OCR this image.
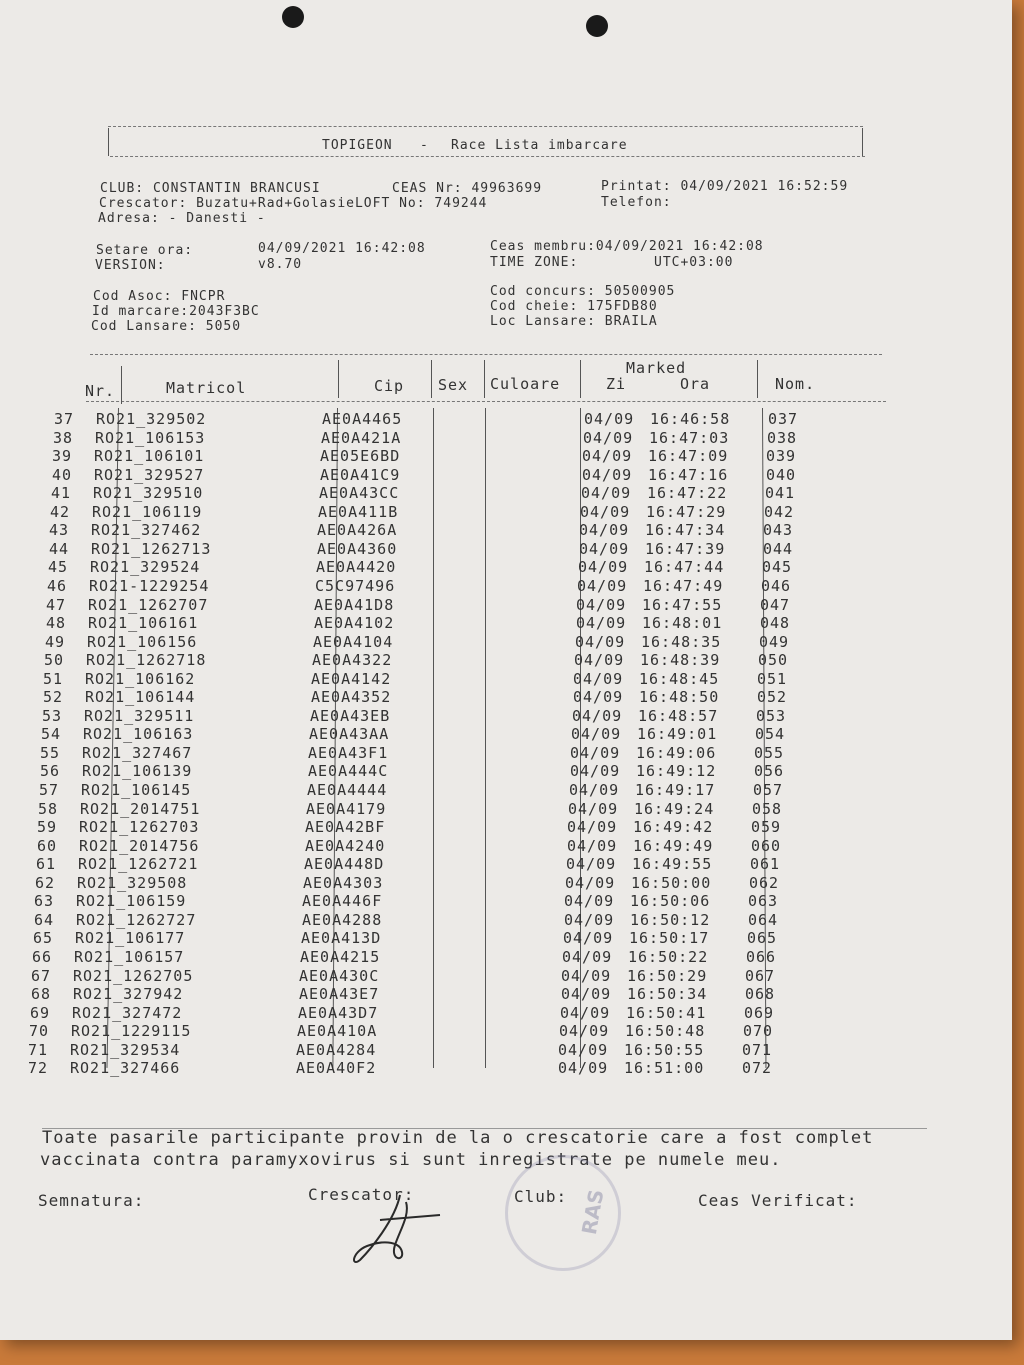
TOPIGEON - Race Lista imbarcare
CLUB: CONSTANTIN BRANCUSI	CEAS Nr: 49963699	Printat: 04/09/2021 16:52:59
Crescator: Buzatu+Rad+GolasieLOFT No: 749244	Telefon:
Adresa: - Danesti -
Setare ora:	04/09/2021 16:42:08	Ceas membru:04/09/2021 16:42:08
VERSION:	v8.70	TIME ZONE:	UTC+03:00
Cod Asoc: FNCPR	Cod concurs: 50500905
Id marcare:2043F3BC	Cod cheie: 175FDB80
Cod Lansare: 5050	Loc Lansare: BRAILA
Nr.	Matricol	Cip Sex Culoare
Marked
Zi	Ora	Nom.
37 RO21_329502	AE0A4465	04/09 16:46:58	037
38 RO21_106153	AE0A421A	04/09 16:47:03	038
39 RO21_106101	AE05E6BD	04/09 16:47:09	039
40 RO21_329527	AE0A41C9	04/09 16:47:16	040
41 RO21_329510	AE0A43CC	04/09 16:47:22	041
42 RO21_106119	AE0A411B	04/09 16:47:29	042
43 RO21_327462	AE0A426A	04/09 16:47:34	043
44 RO21_1262713	AE0A4360	04/09 16:47:39	044
45 RO21_329524	AE0A4420	04/09 16:47:44	045
46 RO21-1229254	C5C97496	04/09 16:47:49	046
47 RO21_1262707	AE0A41D8	04/09 16:47:55	047
48 RO21_106161	AE0A4102	04/09 16:48:01	048
49 RO21_106156	AE0A4104	04/09 16:48:35	049
50 RO21_1262718	AE0A4322	04/09 16:48:39	050
51 RO21_106162	AE0A4142	04/09 16:48:45	051
52 RO21_106144	AE0A4352	04/09 16:48:50	052
53 RO21_329511	AE0A43EB	04/09 16:48:57	053
54 RO21_106163	AE0A43AA	04/09 16:49:01	054
55 RO21_327467	AE0A43F1	04/09 16:49:06	055
56 RO21_106139	AE0A444C	04/09 16:49:12	056
57 RO21_106145	AE0A4444	04/09 16:49:17	057
58 RO21_2014751	AE0A4179	04/09 16:49:24	058
59 RO21_1262703	AE0A42BF	04/09 16:49:42	059
60 RO21_2014756	AE0A4240	04/09 16:49:49	060
61 RO21_1262721	AE0A448D	04/09 16:49:55	061
62 RO21_329508	AE0A4303	04/09 16:50:00	062
63 RO21_106159	AE0A446F	04/09 16:50:06	063
64 RO21_1262727	AE0A4288	04/09 16:50:12	064
65 RO21_106177	AE0A413D	04/09 16:50:17	065
66 RO21_106157	AE0A4215	04/09 16:50:22	066
67 RO21_1262705	AE0A430C	04/09 16:50:29	067
68 RO21_327942	AE0A43E7	04/09 16:50:34	068
69 RO21_327472	AE0A43D7	04/09 16:50:41	069
70 RO21_1229115	AE0A410A	04/09 16:50:48	070
71 RO21_329534	AE0A4284	04/09 16:50:55	071
72 RO21_327466	AE0A40F2	04/09 16:51:00	072
Toate pasarile participante provin de la o crescatorie care a fost complet
vaccinata contra paramyxovirus si sunt inregistrate pe numele meu.
Semnatura:	Crescator:	Club:	Ceas Verificat:
RAS
